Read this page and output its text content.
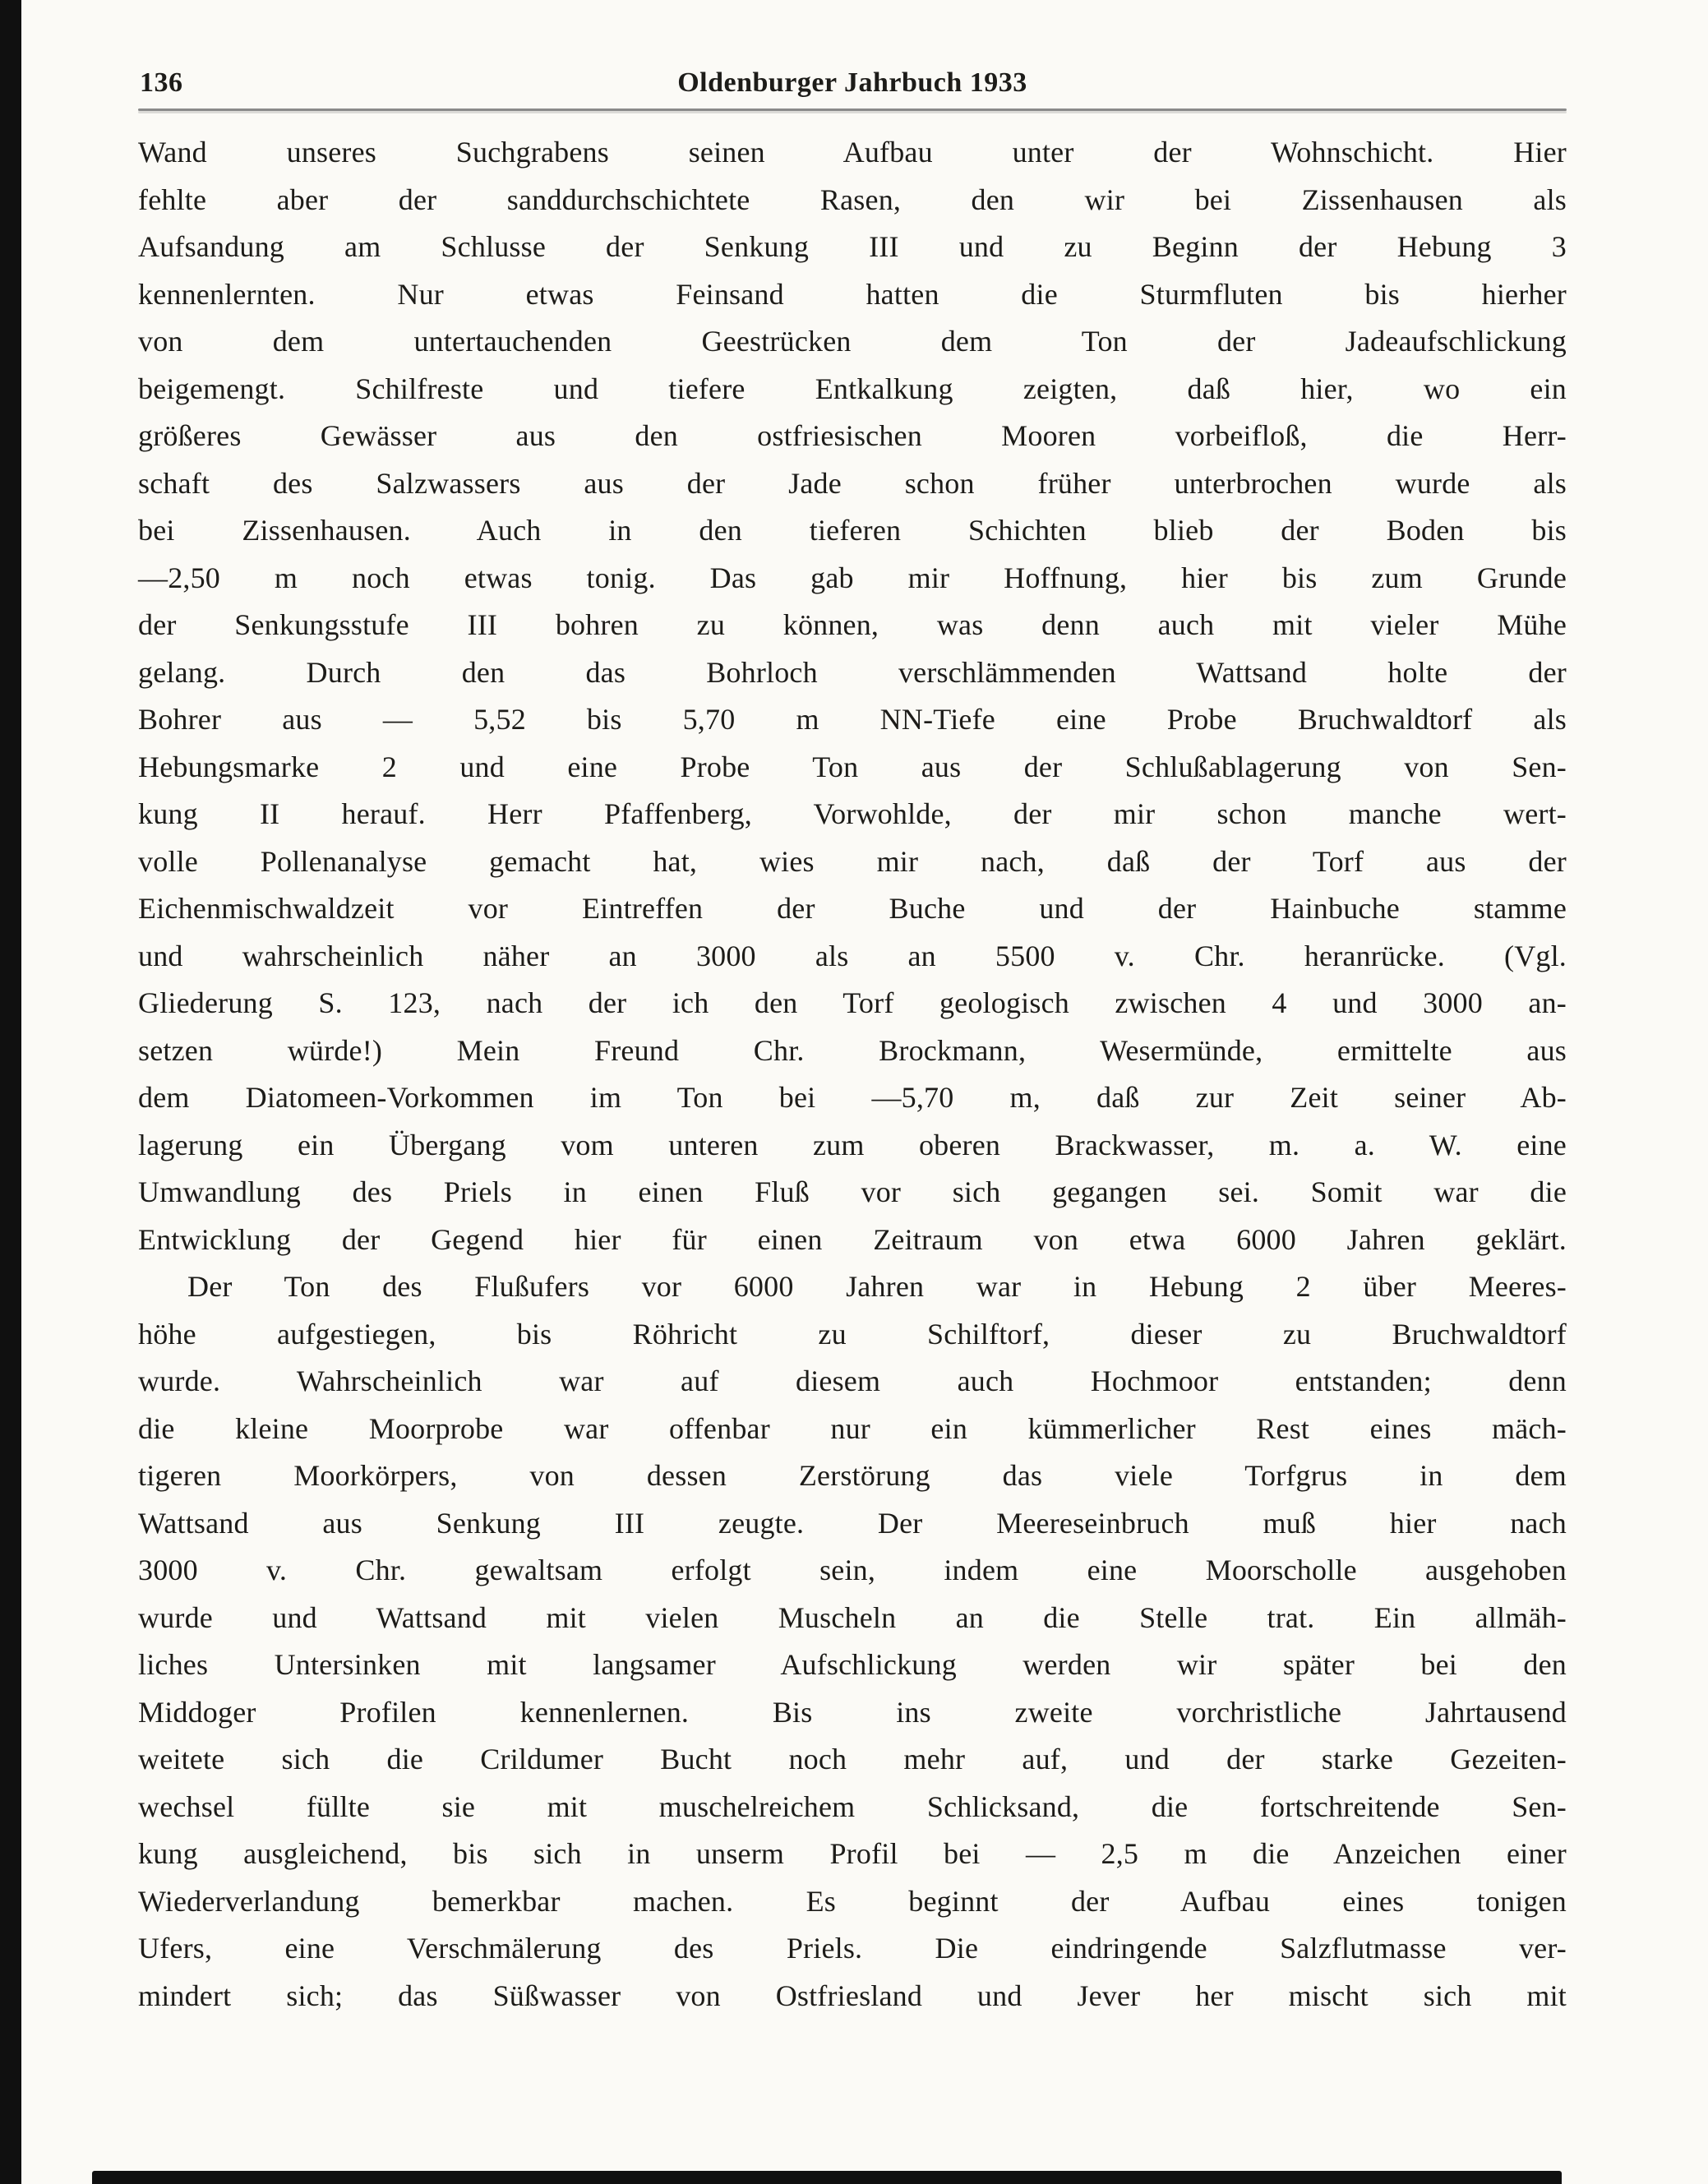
136	Oldenburger Jahrbuch 1933

Wand unseres Suchgrabens seinen Aufbau unter der Wohnschicht. Hier
fehlte aber der sanddurchschichtete Rasen, den wir bei Zissenhausen als
Aufsandung am Schlusse der Senkung III und zu Beginn der Hebung 3
kennenlernten. Nur etwas Feinsand hatten die Sturmfluten bis hierher
von dem untertauchenden Geestrücken dem Ton der Jadeaufschlickung
beigemengt. Schilfreste und tiefere Entkalkung zeigten, daß hier, wo ein
größeres Gewässer aus den ostfriesischen Mooren vorbeifloß, die Herr-
schaft des Salzwassers aus der Jade schon früher unterbrochen wurde als
bei Zissenhausen. Auch in den tieferen Schichten blieb der Boden bis
—2,50 m noch etwas tonig. Das gab mir Hoffnung, hier bis zum Grunde
der Senkungsstufe III bohren zu können, was denn auch mit vieler Mühe
gelang. Durch den das Bohrloch verschlämmenden Wattsand holte der
Bohrer aus — 5,52 bis 5,70 m NN-Tiefe eine Probe Bruchwaldtorf als
Hebungsmarke 2 und eine Probe Ton aus der Schlußablagerung von Sen-
kung II herauf. Herr Pfaffenberg, Vorwohlde, der mir schon manche wert-
volle Pollenanalyse gemacht hat, wies mir nach, daß der Torf aus der
Eichenmischwaldzeit vor Eintreffen der Buche und der Hainbuche stamme
und wahrscheinlich näher an 3000 als an 5500 v. Chr. heranrücke. (Vgl.
Gliederung S. 123, nach der ich den Torf geologisch zwischen 4 und 3000 an-
setzen würde!) Mein Freund Chr. Brockmann, Wesermünde, ermittelte aus
dem Diatomeen-Vorkommen im Ton bei —5,70 m, daß zur Zeit seiner Ab-
lagerung ein Übergang vom unteren zum oberen Brackwasser, m. a. W. eine
Umwandlung des Priels in einen Fluß vor sich gegangen sei. Somit war die
Entwicklung der Gegend hier für einen Zeitraum von etwa 6000 Jahren geklärt.

Der Ton des Flußufers vor 6000 Jahren war in Hebung 2 über Meeres-
höhe aufgestiegen, bis Röhricht zu Schilftorf, dieser zu Bruchwaldtorf
wurde. Wahrscheinlich war auf diesem auch Hochmoor entstanden; denn
die kleine Moorprobe war offenbar nur ein kümmerlicher Rest eines mäch-
tigeren Moorkörpers, von dessen Zerstörung das viele Torfgrus in dem
Wattsand aus Senkung III zeugte. Der Meereseinbruch muß hier nach
3000 v. Chr. gewaltsam erfolgt sein, indem eine Moorscholle ausgehoben
wurde und Wattsand mit vielen Muscheln an die Stelle trat. Ein allmäh-
liches Untersinken mit langsamer Aufschlickung werden wir später bei den
Middoger Profilen kennenlernen. Bis ins zweite vorchristliche Jahrtausend
weitete sich die Crildumer Bucht noch mehr auf, und der starke Gezeiten-
wechsel füllte sie mit muschelreichem Schlicksand, die fortschreitende Sen-
kung ausgleichend, bis sich in unserm Profil bei — 2,5 m die Anzeichen einer
Wiederverlandung bemerkbar machen. Es beginnt der Aufbau eines tonigen
Ufers, eine Verschmälerung des Priels. Die eindringende Salzflutmasse ver-
mindert sich; das Süßwasser von Ostfriesland und Jever her mischt sich mit
